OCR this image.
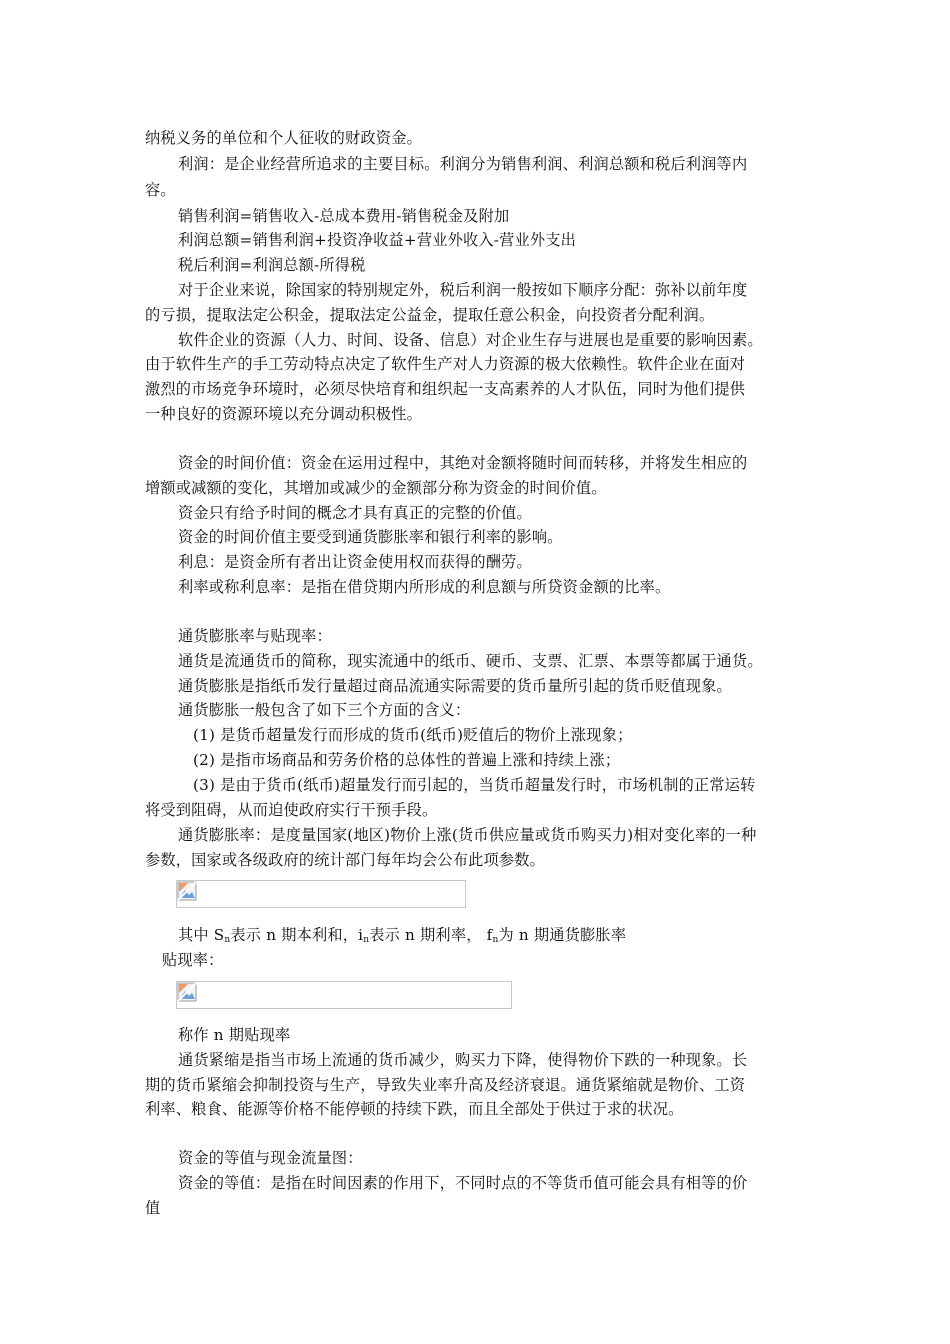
纳税义务的单位和个人征收的财政资金。
利润：是企业经营所追求的主要目标。利润分为销售利润、利润总额和税后利润等内
容。
销售利润=销售收入-总成本费用-销售税金及附加
利润总额=销售利润+投资净收益+营业外收入-营业外支出
税后利润=利润总额-所得税
对于企业来说，除国家的特别规定外，税后利润一般按如下顺序分配：弥补以前年度
的亏损，提取法定公积金，提取法定公益金，提取任意公积金，向投资者分配利润。
软件企业的资源（人力、时间、设备、信息）对企业生存与进展也是重要的影响因素。
由于软件生产的手工劳动特点决定了软件生产对人力资源的极大依赖性。软件企业在面对
激烈的市场竞争环境时，必须尽快培育和组织起一支高素养的人才队伍，同时为他们提供
一种良好的资源环境以充分调动积极性。
资金的时间价值：资金在运用过程中，其绝对金额将随时间而转移，并将发生相应的
增额或减额的变化，其增加或减少的金额部分称为资金的时间价值。
资金只有给予时间的概念才具有真正的完整的价值。
资金的时间价值主要受到通货膨胀率和银行利率的影响。
利息：是资金所有者出让资金使用权而获得的酬劳。
利率或称利息率：是指在借贷期内所形成的利息额与所贷资金额的比率。
通货膨胀率与贴现率：
通货是流通货币的简称，现实流通中的纸币、硬币、支票、汇票、本票等都属于通货。
通货膨胀是指纸币发行量超过商品流通实际需要的货币量所引起的货币贬值现象。
通货膨胀一般包含了如下三个方面的含义：
(1) 是货币超量发行而形成的货币(纸币)贬值后的物价上涨现象；
(2) 是指市场商品和劳务价格的总体性的普遍上涨和持续上涨；
(3) 是由于货币(纸币)超量发行而引起的，当货币超量发行时，市场机制的正常运转
将受到阻碍，从而迫使政府实行干预手段。
通货膨胀率：是度量国家(地区)物价上涨(货币供应量或货币购买力)相对变化率的一种
参数，国家或各级政府的统计部门每年均会公布此项参数。
其中 $S_n$表示 n 期本利和，$i_n$表示 n 期利率， $f_n$为 n 期通货膨胀率
贴现率：
称作 n 期贴现率
通货紧缩是指当市场上流通的货币减少，购买力下降，使得物价下跌的一种现象。长
期的货币紧缩会抑制投资与生产，导致失业率升高及经济衰退。通货紧缩就是物价、工资
利率、粮食、能源等价格不能停顿的持续下跌，而且全部处于供过于求的状况。
资金的等值与现金流量图：
资金的等值：是指在时间因素的作用下，不同时点的不等货币值可能会具有相等的价
值
